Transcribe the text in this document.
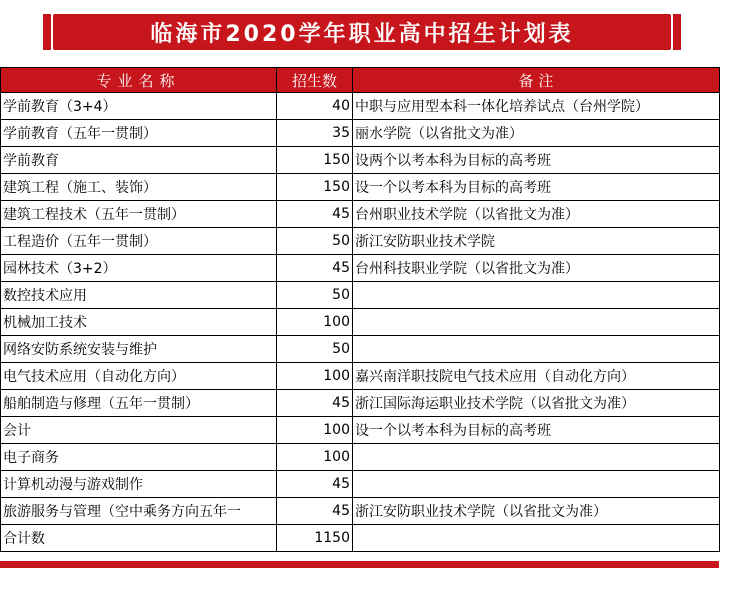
临海市2020学年职业高中招生计划表
专业名称	招生数	备 注
学前教育（3+4）	40	中职与应用型本科一体化培养试点（台州学院）
学前教育（五年一贯制）	35	丽水学院（以省批文为准）
学前教育	150	设两个以考本科为目标的高考班
建筑工程（施工、装饰）	150	设一个以考本科为目标的高考班
建筑工程技术（五年一贯制）	45	台州职业技术学院（以省批文为准）
工程造价（五年一贯制）	50	浙江安防职业技术学院
园林技术（3+2）	45	台州科技职业学院（以省批文为准）
数控技术应用	50	
机械加工技术	100	
网络安防系统安装与维护	50	
电气技术应用（自动化方向）	100	嘉兴南洋职技院电气技术应用（自动化方向）
船舶制造与修理（五年一贯制）	45	浙江国际海运职业技术学院（以省批文为准）
会计	100	设一个以考本科为目标的高考班
电子商务	100	
计算机动漫与游戏制作	45	
旅游服务与管理（空中乘务方向五年一	45	浙江安防职业技术学院（以省批文为准）
合计数	1150	
